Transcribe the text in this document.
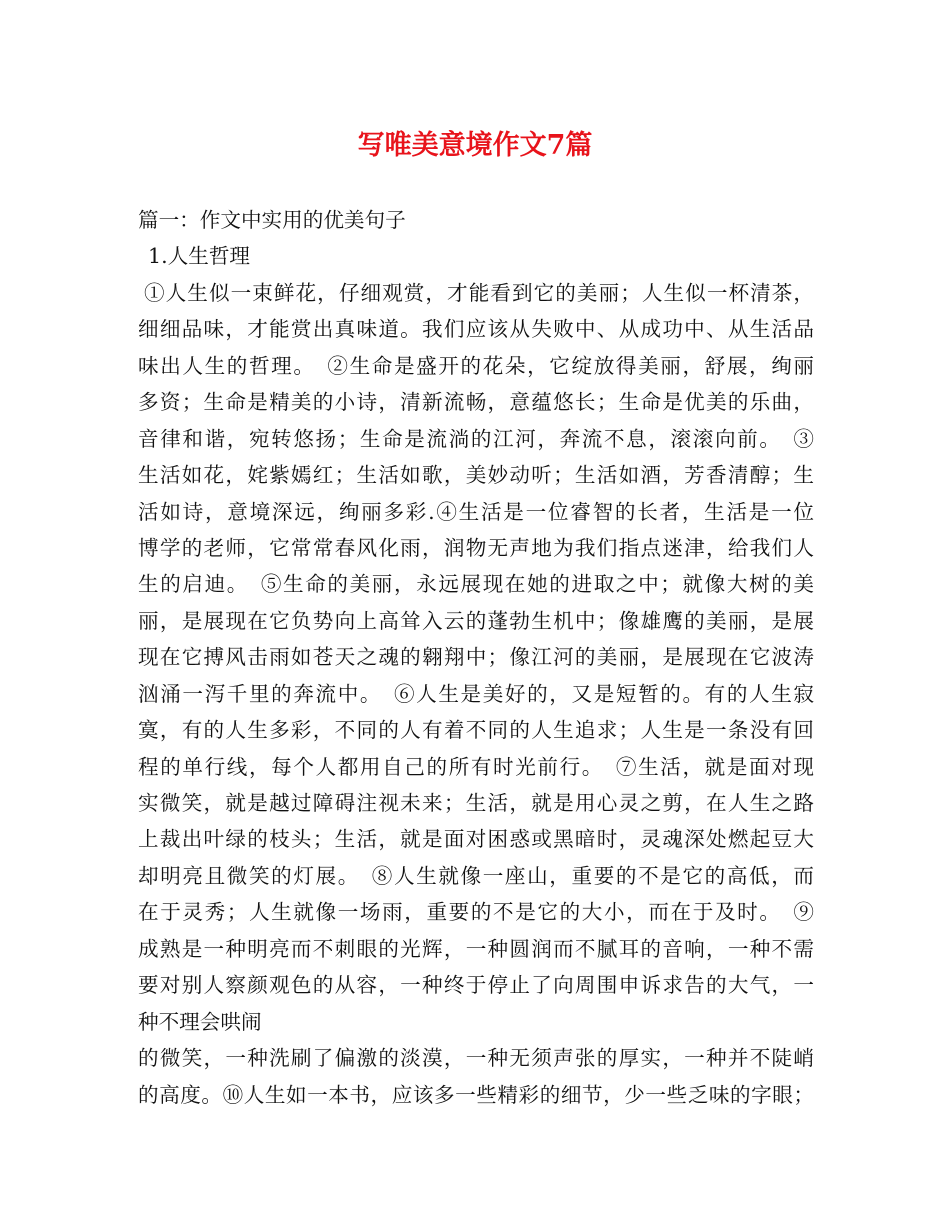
写唯美意境作文7篇
篇一：作文中实用的优美句子
1.人生哲理
①人生似一束鲜花，仔细观赏，才能看到它的美丽；人生似一杯清茶，
细细品味，才能赏出真味道。我们应该从失败中、从成功中、从生活品
味出人生的哲理。　②生命是盛开的花朵，它绽放得美丽，舒展，绚丽
多资；生命是精美的小诗，清新流畅，意蕴悠长；生命是优美的乐曲，
音律和谐，宛转悠扬；生命是流淌的江河，奔流不息，滚滚向前。　③
生活如花，姹紫嫣红；生活如歌，美妙动听；生活如酒，芳香清醇；生
活如诗，意境深远，绚丽多彩.④生活是一位睿智的长者，生活是一位
博学的老师，它常常春风化雨，润物无声地为我们指点迷津，给我们人
生的启迪。　⑤生命的美丽，永远展现在她的进取之中；就像大树的美
丽，是展现在它负势向上高耸入云的蓬勃生机中；像雄鹰的美丽，是展
现在它搏风击雨如苍天之魂的翱翔中；像江河的美丽，是展现在它波涛
汹涌一泻千里的奔流中。　⑥人生是美好的，又是短暂的。有的人生寂
寞，有的人生多彩，不同的人有着不同的人生追求；人生是一条没有回
程的单行线，每个人都用自己的所有时光前行。　⑦生活，就是面对现
实微笑，就是越过障碍注视未来；生活，就是用心灵之剪，在人生之路
上裁出叶绿的枝头；生活，就是面对困惑或黑暗时，灵魂深处燃起豆大
却明亮且微笑的灯展。　⑧人生就像一座山，重要的不是它的高低，而
在于灵秀；人生就像一场雨，重要的不是它的大小，而在于及时。　⑨
成熟是一种明亮而不刺眼的光辉，一种圆润而不腻耳的音响，一种不需
要对别人察颜观色的从容，一种终于停止了向周围申诉求告的大气，一
种不理会哄闹
的微笑，一种洗刷了偏激的淡漠，一种无须声张的厚实，一种并不陡峭
的高度。⑩人生如一本书，应该多一些精彩的细节，少一些乏味的字眼；
